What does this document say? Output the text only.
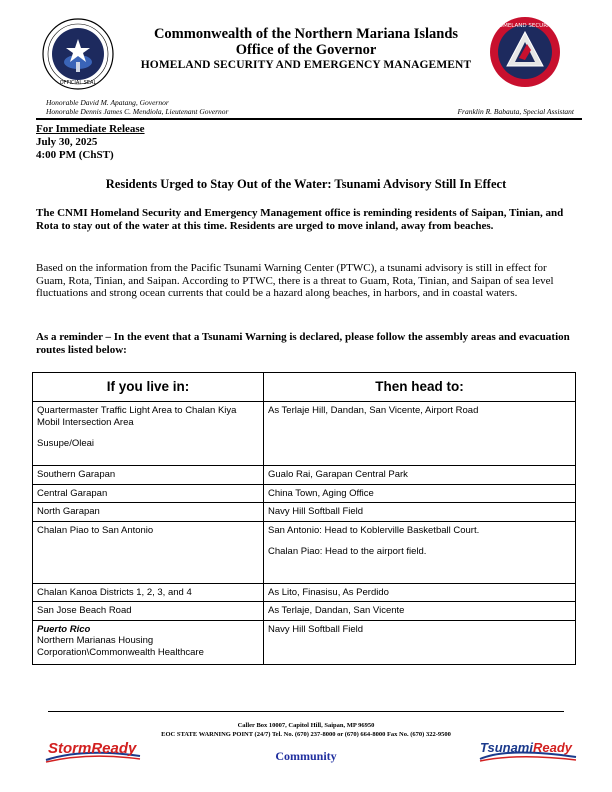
OFFICIAL SEAL
HOMELAND SECURITY
Commonwealth of the Northern Mariana Islands
Office of the Governor
HOMELAND SECURITY AND EMERGENCY MANAGEMENT
Honorable David M. Apatang, Governor
Honorable Dennis James C. Mendiola, Lieutenant Governor	Franklin R. Babauta, Special Assistant
For Immediate Release
July 30, 2025
4:00 PM (ChST)
Residents Urged to Stay Out of the Water: Tsunami Advisory Still In Effect
The CNMI Homeland Security and Emergency Management office is reminding residents of Saipan, Tinian, and Rota to stay out of the water at this time. Residents are urged to move inland, away from beaches.
Based on the information from the Pacific Tsunami Warning Center (PTWC), a tsunami advisory is still in effect for Guam, Rota, Tinian, and Saipan. According to PTWC, there is a threat to Guam, Rota, Tinian, and Saipan of sea level fluctuations and strong ocean currents that could be a hazard along beaches, in harbors, and in coastal waters.
As a reminder – In the event that a Tsunami Warning is declared, please follow the assembly areas and evacuation routes listed below:
If you live in:	Then head to:

Quartermaster Traffic Light Area to Chalan Kiya Mobil Intersection Area
Susupe/Oleai	As Terlaje Hill, Dandan, San Vicente, Airport Road

Southern Garapan	Gualo Rai, Garapan Central Park

Central Garapan	China Town, Aging Office

North Garapan	Navy Hill Softball Field

Chalan Piao to San Antonio	San Antonio: Head to Koblerville Basketball Court.
Chalan Piao: Head to the airport field.

Chalan Kanoa Districts 1, 2, 3, and 4	As Lito, Finasisu, As Perdido

San Jose Beach Road	As Terlaje, Dandan, San Vicente

Puerto Rico
Northern Marianas Housing Corporation\Commonwealth Healthcare	Navy Hill Softball Field
Caller Box 10007, Capitol Hill, Saipan, MP 96950
EOC STATE WARNING POINT (24/7) Tel. No. (670) 237-8000 or (670) 664-8000 Fax No. (670) 322-9500
StormReady	Community
TsunamiReady
